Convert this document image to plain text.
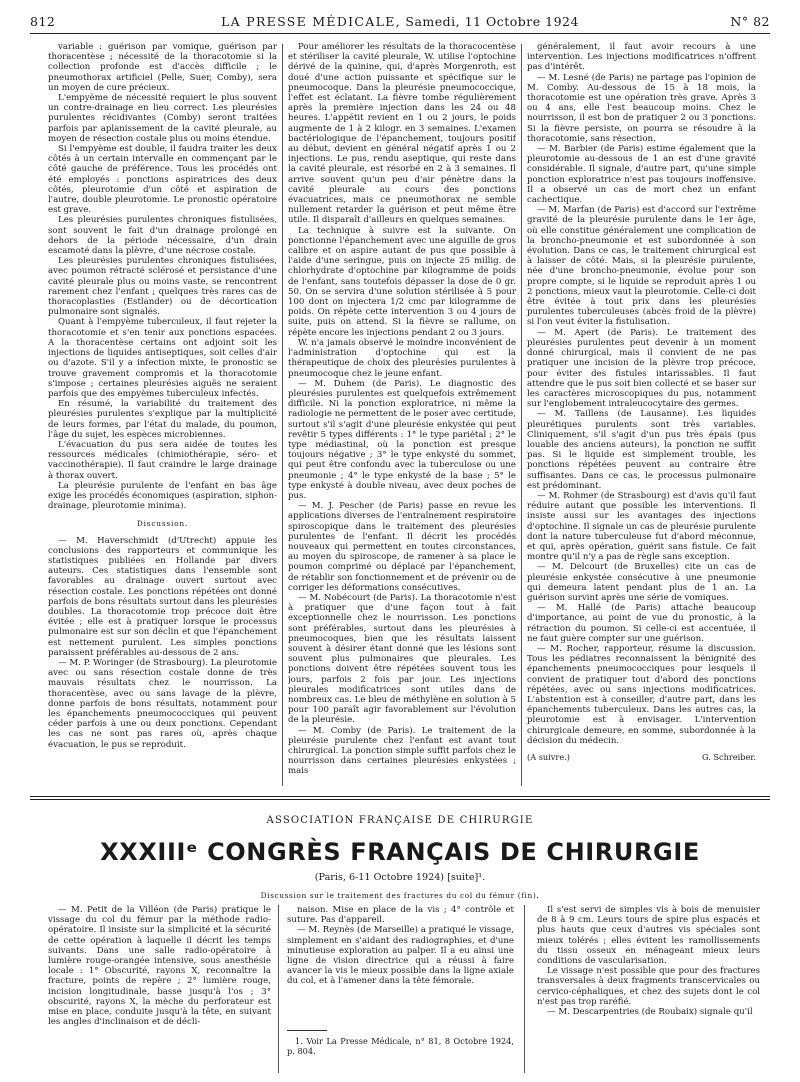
812	LA PRESSE MÉDICALE, Samedi, 11 Octobre 1924	N° 82

variable : guérison par vomique, guérison par thoracentèse ; nécessité de la thoracotomie si la collection profonde est d'accès difficile ; le pneumothorax artificiel (Pelle, Suer, Comby), sera un moyen de cure précieux.

L'empyème de nécessité requiert le plus souvent un contre-drainage en lieu correct. Les pleurésies purulentes récidivantes (Comby) seront traitées parfois par aplanissement de la cavité pleurale, au moyen de résection costale plus ou moins étendue.

Si l'empyème est double, il faudra traiter les deux côtés à un certain intervalle en commençant par le côté gauche de préférence. Tous les procédés ont été employés : ponctions aspiratrices des deux côtés, pleurotomie d'un côté et aspiration de l'autre, double pleurotomie. Le pronostic opératoire est grave.

Les pleurésies purulentes chroniques fistulisées, sont souvent le fait d'un drainage prolongé en dehors de la période nécessaire, d'un drain escamoté dans la plèvre, d'une nécrose costale.

Les pleurésies purulentes chroniques fistulisées, avec poumon rétracté sclérosé et persistance d'une cavité pleurale plus ou moins vaste, se rencontrent rarement chez l'enfant ; quelques très rares cas de thoracoplasties (Estlander) ou de décortication pulmonaire sont signalés.

Quant à l'empyème tuberculeux, il faut rejeter la thoracotomie et s'en tenir aux ponctions espacées. A la thoracentèse certains ont adjoint soit les injections de liquides antiseptiques, soit celles d'air ou d'azote. S'il y a infection mixte, le pronostic se trouve gravement compromis et la thoracotomie s'impose ; certaines pleurésies aiguës ne seraient parfois que des empyèmes tuberculeux infectés.

En résumé, la variabilité du traitement des pleurésies purulentes s'explique par la multiplicité de leurs formes, par l'état du malade, du poumon, l'âge du sujet, les espèces microbiennes.

L'évacuation du pus sera aidée de toutes les ressources médicales (chimiothérapie, séro- et vaccinothérapie). Il faut craindre le large drainage à thorax ouvert.

La pleurésie purulente de l'enfant en bas âge exige les procédés économiques (aspiration, siphon-drainage, pleurotomie minima).

Discussion.

— M. Haverschmidt (d'Utrecht) appuie les conclusions des rapporteurs et communique les statistiques publiées en Hollande par divers auteurs. Ces statistiques dans l'ensemble sont favorables au drainage ouvert surtout avec résection costale. Les ponctions répétées ont donné parfois de bons résultats surtout dans les pleurésies doubles. La thoracotomie trop précoce doit être évitée ; elle est à pratiquer lorsque le processus pulmonaire est sur son déclin et que l'épanchement est nettement purulent. Les simples ponctions paraissent préférables au-dessous de 2 ans.

— M. P. Woringer (de Strasbourg). La pleurotomie avec ou sans résection costale donne de très mauvais résultats chez le nourrisson. La thoracentèse, avec ou sans lavage de la plèvre, donne parfois de bons résultats, notamment pour les épanchements pneumococciques qui peuvent céder parfois à une ou deux ponctions. Cependant les cas ne sont pas rares où, après chaque évacuation, le pus se reproduit.

Pour améliorer les résultats de la thoracocentèse et stériliser la cavité pleurale, W. utilise l'optochine dérivé de la quinine, qui, d'après Morgenroth, est doué d'une action puissante et spécifique sur le pneumocoque. Dans la pleurésie pneumococcique, l'effet est éclatant. La fièvre tombe régulièrement après la première injection dans les 24 ou 48 heures. L'appétit revient en 1 ou 2 jours, le poids augmente de 1 à 2 kilogr. en 3 semaines. L'examen bactériologique de l'épanchement, toujours positif au début, devient en général négatif après 1 ou 2 injections. Le pus, rendu aseptique, qui reste dans la cavité pleurale, est résorbé en 2 à 3 semaines. Il arrive souvent qu'un peu d'air pénètre dans la cavité pleurale au cours des ponctions évacuatrices, mais ce pneumothorax ne semble nullement retarder la guérison et peut même être utile. Il disparaît d'ailleurs en quelques semaines.

La technique à suivre est la suivante. On ponctionne l'épanchement avec une aiguille de gros calibre et on aspire autant de pus que possible à l'aide d'une seringue, puis on injecte 25 millig. de chlorhydrate d'optochine par kilogramme de poids de l'enfant, sans toutefois dépasser la dose de 0 gr. 50. On se servira d'une solution stérilisée à 5 pour 100 dont on injectera 1/2 cmc par kilogramme de poids. On répète cette intervention 3 ou 4 jours de suite, puis on attend. Si la fièvre se rallume, on répète encore les injections pendant 2 ou 3 jours.

W. n'a jamais observé le moindre inconvénient de l'administration d'optochine qui est la thérapeutique de choix des pleurésies purulentes à pneumocoque chez le jeune enfant.

— M. Duhem (de Paris). Le diagnostic des pleurésies purulentes est quelquefois extrêmement difficile. Ni la ponction exploratrice, ni même la radiologie ne permettent de le poser avec certitude, surtout s'il s'agit d'une pleurésie enkystée qui peut revêtir 5 types différents : 1° le type pariétal ; 2° le type médiastinal, où la ponction est presque toujours négative ; 3° le type enkysté du sommet, qui peut être confondu avec la tuberculose ou une pneumonie ; 4° le type enkysté de la base ; 5° le type enkysté à double niveau, avec deux poches de pus.

— M. J. Pescher (de Paris) passe en revue les applications diverses de l'entraînement respiratoire spiroscopique dans le traitement des pleurésies purulentes de l'enfant. Il décrit les procédés nouveaux qui permettent en toutes circonstances, au moyen du spiroscope, de ramener à sa place le poumon comprimé ou déplacé par l'épanchement, de rétablir son fonctionnement et de prévenir ou de corriger les déformations consécutives.

— M. Nobécourt (de Paris). La thoracotomie n'est à pratiquer que d'une façon tout à fait exceptionnelle chez le nourrisson. Les ponctions sont préférables, surtout dans les pleurésies à pneumocoques, bien que les résultats laissent souvent à désirer étant donné que les lésions sont souvent plus pulmonaires que pleurales. Les ponctions doivent être répétées souvent tous les jours, parfois 2 fois par jour. Les injections pleurales modificatrices sont utiles dans de nombreux cas. Le bleu de méthylène en solution à 5 pour 100 paraît agir favorablement sur l'évolution de la pleurésie.

— M. Comby (de Paris). Le traitement de la pleurésie purulente chez l'enfant est avant tout chirurgical. La ponction simple suffit parfois chez le nourrisson dans certaines pleurésies enkystées ; mais

généralement, il faut avoir recours à une intervention. Les injections modificatrices n'offrent pas d'intérêt.

— M. Lesné (de Paris) ne partage pas l'opinion de M. Comby. Au-dessous de 15 à 18 mois, la thoracotomie est une opération très grave. Après 3 ou 4 ans, elle l'est beaucoup moins. Chez le nourrisson, il est bon de pratiquer 2 ou 3 ponctions. Si la fièvre persiste, on pourra se résoudre à la thoracotomie, sans résection.

— M. Barbier (de Paris) estime également que la pleurotomie au-dessous de 1 an est d'une gravité considérable. Il signale, d'autre part, qu'une simple ponction exploratrice n'est pas toujours inoffensive. Il a observé un cas de mort chez un enfant cachectique.

— M. Marfan (de Paris) est d'accord sur l'extrême gravité de la pleurésie purulente dans le 1er âge, où elle constitue généralement une complication de la broncho-pneumonie et est subordonnée à son évolution. Dans ce cas, le traitement chirurgical est à laisser de côté. Mais, si la pleurésie purulente, née d'une broncho-pneumonie, évolue pour son propre compte, si le liquide se reproduit après 1 ou 2 ponctions, mieux vaut la pleurotomie. Celle-ci doit être évitée à tout prix dans les pleurésies purulentes tuberculeuses (abcès froid de la plèvre) si l'on veut éviter la fistulisation.

— M. Apert (de Paris). Le traitement des pleurésies purulentes peut devenir à un moment donné chirurgical, mais il convient de ne pas pratiquer une incision de la plèvre trop précoce, pour éviter des fistules intarissables. Il faut attendre que le pus soit bien collecté et se baser sur les caractères microscopiques du pus, notamment sur l'englobement intraleucocytaire des germes.

— M. Taillens (de Lausanne). Les liquides pleurétiques purulents sont très variables. Cliniquement, s'il s'agit d'un pus très épais (pus louable des anciens auteurs), la ponction ne suffit pas. Si le liquide est simplement trouble, les ponctions répétées peuvent au contraire être suffisantes. Dans ce cas, le processus pulmonaire est prédominant.

— M. Rohmer (de Strasbourg) est d'avis qu'il faut réduire autant que possible les interventions. Il insiste aussi sur les avantages des injections d'optochine. Il signale un cas de pleurésie purulente dont la nature tuberculeuse fut d'abord méconnue, et qui, après opération, guérit sans fistule. Ce fait montre qu'il n'y a pas de règle sans exception.

— M. Delcourt (de Bruxelles) cite un cas de pleurésie enkystée consécutive à une pneumonie qui demeura latent pendant plus de 1 an. La guérison survint après une série de vomiques.

— M. Hallé (de Paris) attache beaucoup d'importance, au point de vue du pronostic, à la rétraction du poumon. Si celle-ci est accentuée, il ne faut guère compter sur une guérison.

— M. Rocher, rapporteur, résume la discussion. Tous les pédiatres reconnaissent la bénignité des épanchements pneumococciques pour lesquels il convient de pratiquer tout d'abord des ponctions répétées, avec ou sans injections modificatrices. L'abstention est à conseiller, d'autre part, dans les épanchements tuberculeux. Dans les autres cas, la pleurotomie est à envisager. L'intervention chirurgicale demeure, en somme, subordonnée à la décision du médecin.

(A suivre.)	G. Schreiber.
ASSOCIATION FRANÇAISE DE CHIRURGIE
XXXIIIᵉ CONGRÈS FRANÇAIS DE CHIRURGIE
(Paris, 6-11 Octobre 1924) [suite]¹.
Discussion sur le traitement des fractures du col du fémur (fin).

— M. Petit de la Villéon (de Paris) pratique le vissage du col du fémur par la méthode radio-opératoire. Il insiste sur la simplicité et la sécurité de cette opération à laquelle il décrit les temps suivants. Dans une salle radio-opératoire à lumière rouge-orangée intensive, sous anesthésie locale : 1° Obscurité, rayons X, reconnaître la fracture, points de repère ; 2° lumière rouge, incision longitudinale, basse jusqu'à l'os ; 3° obscurité, rayons X, la mèche du perforateur est mise en place, conduite jusqu'à la tête, en suivant les angles d'inclinaison et de décli-

naison. Mise en place de la vis ; 4° contrôle et suture. Pas d'appareil.

— M. Reynès (de Marseille) a pratiqué le vissage, simplement en s'aidant des radiographies, et d'une minutieuse exploration au palper. Il a eu ainsi une ligne de vision directrice qui a réussi à faire avancer la vis le mieux possible dans la ligne axiale du col, et à l'amener dans la tête fémorale.

1. Voir La Presse Médicale, n° 81, 8 Octobre 1924, p. 804.

Il s'est servi de simples vis à bois de menuisier de 8 à 9 cm. Leurs tours de spire plus espacés et plus hauts que ceux d'autres vis spéciales sont mieux tolérés ; elles évitent les ramollissements du tissu osseux en ménageant mieux leurs conditions de vascularisation.

Le vissage n'est possible que pour des fractures transversales à deux fragments transcervicales ou cervico-céphaliques, et chez des sujets dont le col n'est pas trop raréfié.

— M. Descarpentries (de Roubaix) signale qu'il
